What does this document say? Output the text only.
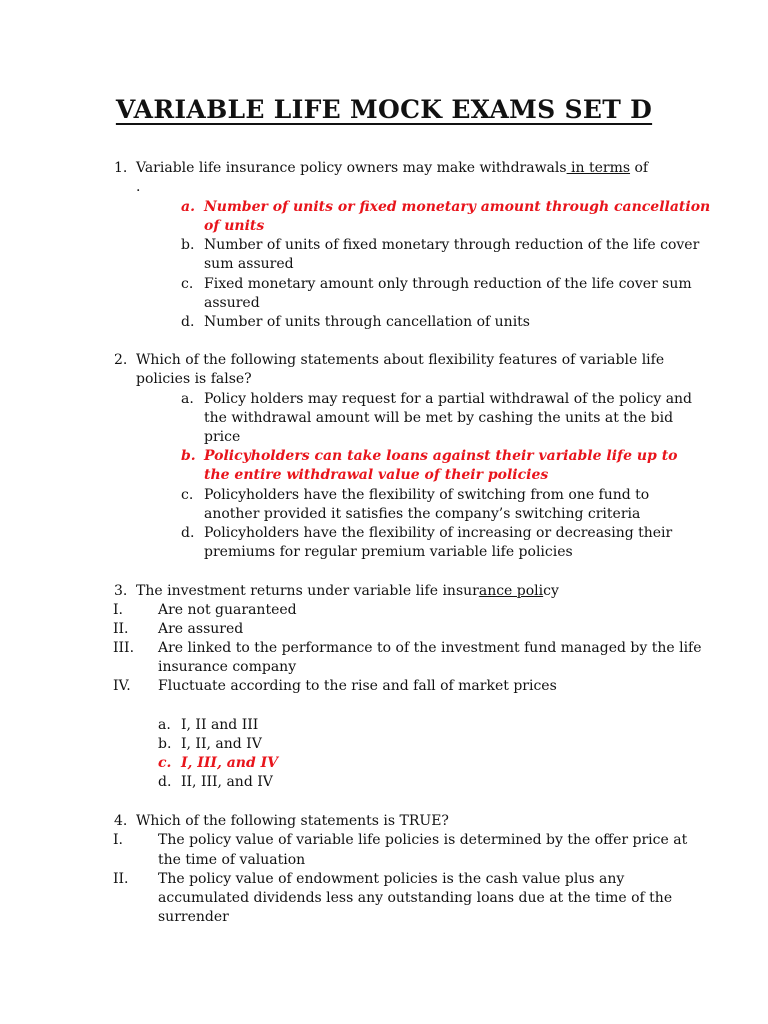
VARIABLE LIFE MOCK EXAMS SET D
1. Variable life insurance policy owners may make withdrawals in terms of
.
a. Number of units or fixed monetary amount through cancellation
of units
b. Number of units of fixed monetary through reduction of the life cover
sum assured
c. Fixed monetary amount only through reduction of the life cover sum
assured
d. Number of units through cancellation of units
2. Which of the following statements about flexibility features of variable life
policies is false?
a. Policy holders may request for a partial withdrawal of the policy and
the withdrawal amount will be met by cashing the units at the bid
price
b. Policyholders can take loans against their variable life up to
the entire withdrawal value of their policies
c. Policyholders have the flexibility of switching from one fund to
another provided it satisfies the company’s switching criteria
d. Policyholders have the flexibility of increasing or decreasing their
premiums for regular premium variable life policies
3. The investment returns under variable life insurance policy
I.	Are not guaranteed
II. Are assured
III. Are linked to the performance to of the investment fund managed by the life
insurance company
IV. Fluctuate according to the rise and fall of market prices
a. I, II and III
b. I, II, and IV
c. I, III, and IV
d. II, III, and IV
4. Which of the following statements is TRUE?
I.	The policy value of variable life policies is determined by the offer price at
the time of valuation
II. The policy value of endowment policies is the cash value plus any
accumulated dividends less any outstanding loans due at the time of the
surrender
